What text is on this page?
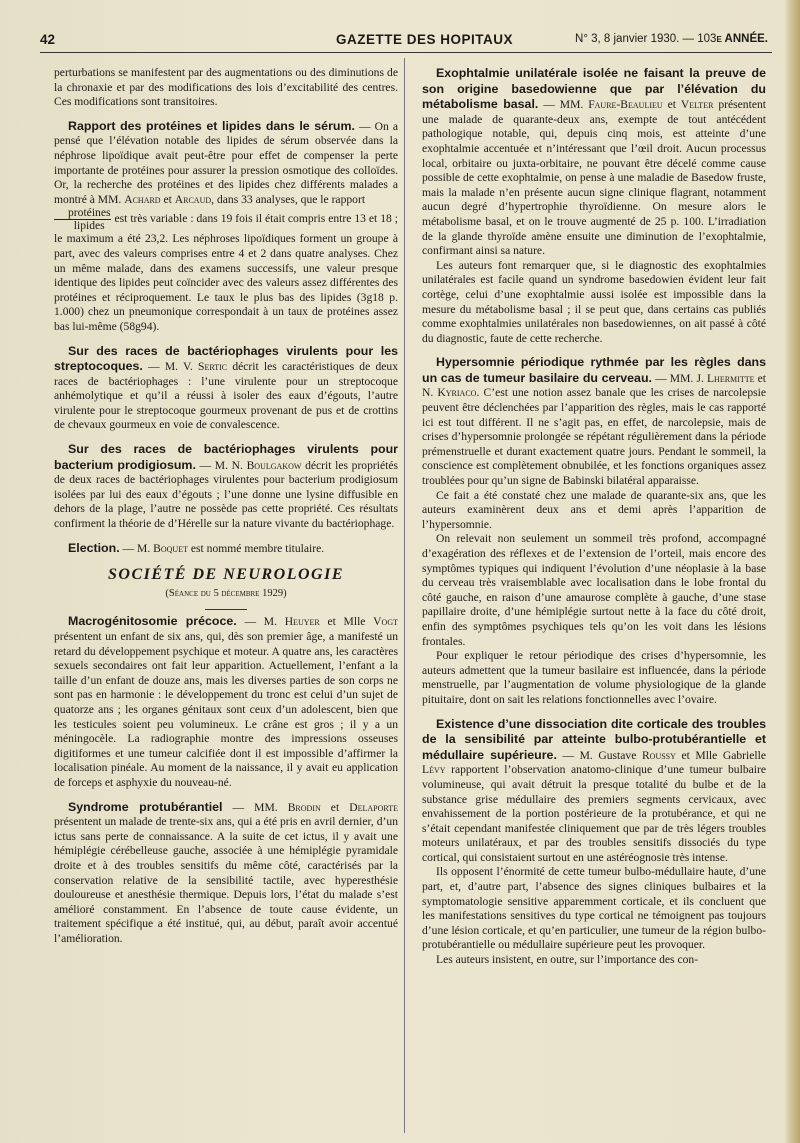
42	GAZETTE DES HOPITAUX	N° 3, 8 janvier 1930. — 103e ANNÉE.

perturbations se manifestent par des augmentations ou des diminutions de la chronaxie et par des modifications des lois d’excitabilité des centres. Ces modifications sont transitoires.

Rapport des protéines et lipides dans le sérum. — On a pensé que l’élévation notable des lipides de sérum observée dans la néphrose lipoïdique avait peut-être pour effet de compenser la perte importante de protéines pour assurer la pression osmotique des colloïdes. Or, la recherche des protéines et des lipides chez différents malades a montré à MM. Achard et Arcaud, dans 33 analyses, que le rapport

$\frac{\text{protéines}}{\text{lipides}}$ est très variable : dans 19 fois il était compris entre 13 et 18 ; le maximum a été 23,2. Les néphroses lipoïdiques forment un groupe à part, avec des valeurs comprises entre 4 et 2 dans quatre analyses. Chez un même malade, dans des examens successifs, une valeur presque identique des lipides peut coïncider avec des valeurs assez différentes des protéines et réciproquement. Le taux le plus bas des lipides (3g18 p. 1.000) chez un pneumonique correspondait à un taux de protéines assez bas lui-même (58g94).

Sur des races de bactériophages virulents pour les streptocoques. — M. V. Sertic décrit les caractéristiques de deux races de bactériophages : l’une virulente pour un streptocoque anhémolytique et qu’il a réussi à isoler des eaux d’égouts, l’autre virulente pour le streptocoque gourmeux provenant de pus et de crottins de chevaux gourmeux en voie de convalescence.

Sur des races de bactériophages virulents pour bacterium prodigiosum. — M. N. Boulgakow décrit les propriétés de deux races de bactériophages virulentes pour bacterium prodigiosum isolées par lui des eaux d’égouts ; l’une donne une lysine diffusible en dehors de la plage, l’autre ne possède pas cette propriété. Ces résultats confirment la théorie de d’Hérelle sur la nature vivante du bactériophage.

Election. — M. Boquet est nommé membre titulaire.

SOCIÉTÉ DE NEUROLOGIE

(Séance du 5 décembre 1929)

Macrogénitosomie précoce. — M. Heuyer et Mlle Vogt présentent un enfant de six ans, qui, dès son premier âge, a manifesté un retard du développement psychique et moteur. A quatre ans, les caractères sexuels secondaires ont fait leur apparition. Actuellement, l’enfant a la taille d’un enfant de douze ans, mais les diverses parties de son corps ne sont pas en harmonie : le développement du tronc est celui d’un sujet de quatorze ans ; les organes génitaux sont ceux d’un adolescent, bien que les testicules soient peu volumineux. Le crâne est gros ; il y a un méningocèle. La radiographie montre des impressions osseuses digitiformes et une tumeur calcifiée dont il est impossible d’affirmer la localisation pinéale. Au moment de la naissance, il y avait eu application de forceps et asphyxie du nouveau-né.

Syndrome protubérantiel — MM. Brodin et Delaporte présentent un malade de trente-six ans, qui a été pris en avril dernier, d’un ictus sans perte de connaissance. A la suite de cet ictus, il y avait une hémiplégie cérébelleuse gauche, associée à une hémiplégie pyramidale droite et à des troubles sensitifs du même côté, caractérisés par la conservation relative de la sensibilité tactile, avec hyperesthésie douloureuse et anesthésie thermique. Depuis lors, l’état du malade s’est amélioré constamment. En l’absence de toute cause évidente, un traitement spécifique a été institué, qui, au début, paraît avoir accentué l’amélioration.

Exophtalmie unilatérale isolée ne faisant la preuve de son origine basedowienne que par l’élévation du métabolisme basal. — MM. Faure-Beaulieu et Velter présentent une malade de quarante-deux ans, exempte de tout antécédent pathologique notable, qui, depuis cinq mois, est atteinte d’une exophtalmie accentuée et n’intéressant que l’œil droit. Aucun processus local, orbitaire ou juxta-orbitaire, ne pouvant être décelé comme cause possible de cette exophtalmie, on pense à une maladie de Basedow fruste, mais la malade n’en présente aucun signe clinique flagrant, notamment aucun degré d’hypertrophie thyroïdienne. On mesure alors le métabolisme basal, et on le trouve augmenté de 25 p. 100. L’irradiation de la glande thyroïde amène ensuite une diminution de l’exophtalmie, confirmant ainsi sa nature.

Les auteurs font remarquer que, si le diagnostic des exophtalmies unilatérales est facile quand un syndrome basedowien évident leur fait cortège, celui d’une exophtalmie aussi isolée est impossible dans la mesure du métabolisme basal ; il se peut que, dans certains cas publiés comme exophtalmies unilatérales non basedowiennes, on ait passé à côté du diagnostic, faute de cette recherche.

Hypersomnie périodique rythmée par les règles dans un cas de tumeur basilaire du cerveau. — MM. J. Lhermitte et N. Kyriaco. C’est une notion assez banale que les crises de narcolepsie peuvent être déclenchées par l’apparition des règles, mais le cas rapporté ici est tout différent. Il ne s’agit pas, en effet, de narcolepsie, mais de crises d’hypersomnie prolongée se répétant régulièrement dans la période prémenstruelle et durant exactement quatre jours. Pendant le sommeil, la conscience est complètement obnubilée, et les fonctions organiques assez troublées pour qu’un signe de Babinski bilatéral apparaisse.

Ce fait a été constaté chez une malade de quarante-six ans, que les auteurs examinèrent deux ans et demi après l’apparition de l’hypersomnie.

On relevait non seulement un sommeil très profond, accompagné d’exagération des réflexes et de l’extension de l’orteil, mais encore des symptômes typiques qui indiquent l’évolution d’une néoplasie à la base du cerveau très vraisemblable avec localisation dans le lobe frontal du côté gauche, en raison d’une amaurose complète à gauche, d’une stase papillaire droite, d’une hémiplégie surtout nette à la face du côté droit, enfin des symptômes psychiques tels qu’on les voit dans les lésions frontales.

Pour expliquer le retour périodique des crises d’hypersomnie, les auteurs admettent que la tumeur basilaire est influencée, dans la période menstruelle, par l’augmentation de volume physiologique de la glande pituitaire, dont on sait les relations fonctionnelles avec l’ovaire.

Existence d’une dissociation dite corticale des troubles de la sensibilité par atteinte bulbo-protubérantielle et médullaire supérieure. — M. Gustave Roussy et Mlle Gabrielle Lévy rapportent l’observation anatomo-clinique d’une tumeur bulbaire volumineuse, qui avait détruit la presque totalité du bulbe et de la substance grise médullaire des premiers segments cervicaux, avec envahissement de la portion postérieure de la protubérance, et qui ne s’était cependant manifestée cliniquement que par de très légers troubles moteurs unilatéraux, et par des troubles sensitifs dissociés du type cortical, qui consistaient surtout en une astéréognosie très intense.

Ils opposent l’énormité de cette tumeur bulbo-médullaire haute, d’une part, et, d’autre part, l’absence des signes cliniques bulbaires et la symptomatologie sensitive apparemment corticale, et ils concluent que les manifestations sensitives du type cortical ne témoignent pas toujours d’une lésion corticale, et qu’en particulier, une tumeur de la région bulbo-protubérantielle ou médullaire supérieure peut les provoquer.

Les auteurs insistent, en outre, sur l’importance des con-
